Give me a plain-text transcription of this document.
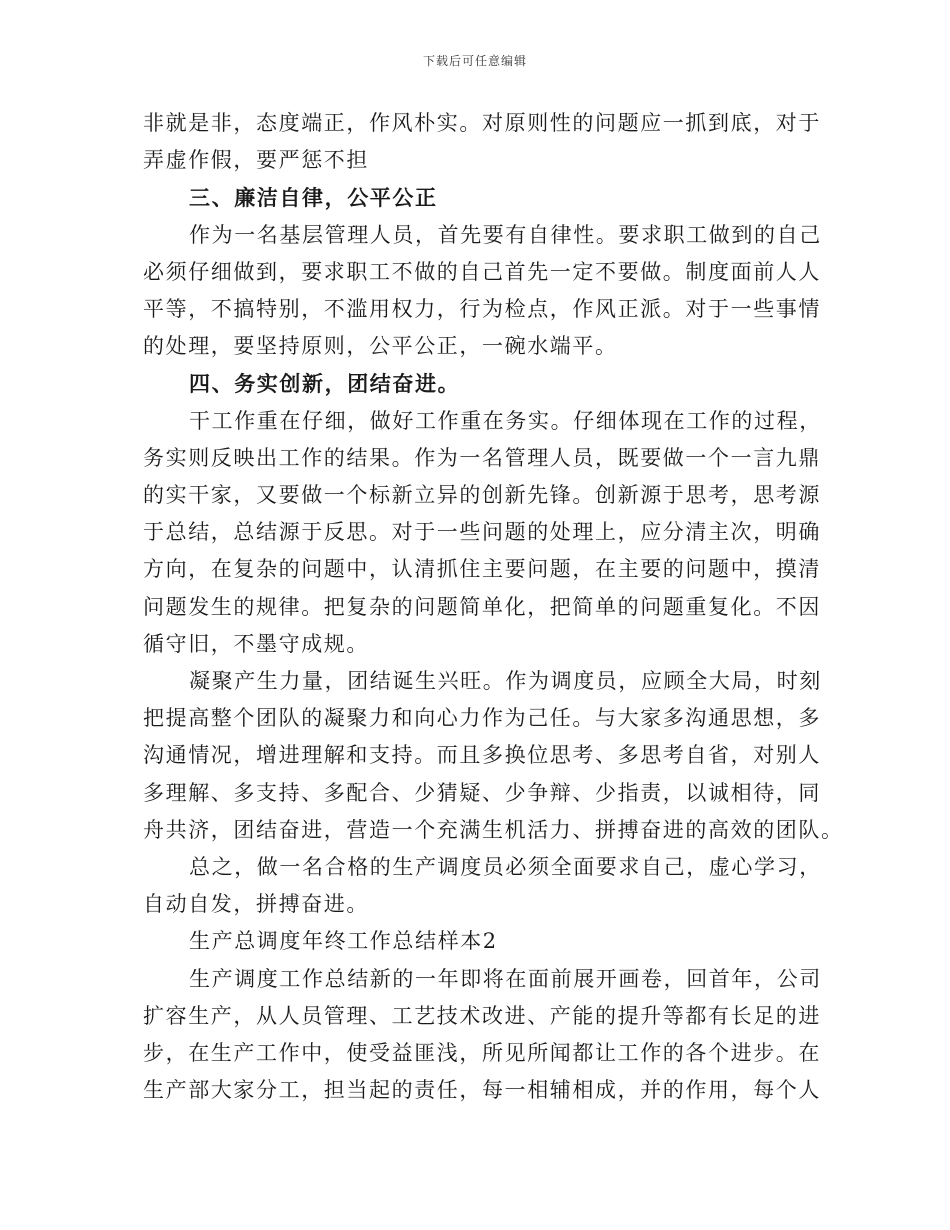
下载后可任意编辑
非就是非，态度端正，作风朴实。对原则性的问题应一抓到底，对于
弄虚作假，要严惩不担
三、廉洁自律，公平公正
作为一名基层管理人员，首先要有自律性。要求职工做到的自己
必须仔细做到，要求职工不做的自己首先一定不要做。制度面前人人
平等，不搞特别，不滥用权力，行为检点，作风正派。对于一些事情
的处理，要坚持原则，公平公正，一碗水端平。
四、务实创新，团结奋进。
干工作重在仔细，做好工作重在务实。仔细体现在工作的过程，
务实则反映出工作的结果。作为一名管理人员，既要做一个一言九鼎
的实干家，又要做一个标新立异的创新先锋。创新源于思考，思考源
于总结，总结源于反思。对于一些问题的处理上，应分清主次，明确
方向，在复杂的问题中，认清抓住主要问题，在主要的问题中，摸清
问题发生的规律。把复杂的问题简单化，把简单的问题重复化。不因
循守旧，不墨守成规。
凝聚产生力量，团结诞生兴旺。作为调度员，应顾全大局，时刻
把提高整个团队的凝聚力和向心力作为己任。与大家多沟通思想，多
沟通情况，增进理解和支持。而且多换位思考、多思考自省，对别人
多理解、多支持、多配合、少猜疑、少争辩、少指责，以诚相待，同
舟共济，团结奋进，营造一个充满生机活力、拼搏奋进的高效的团队。
总之，做一名合格的生产调度员必须全面要求自己，虚心学习，
自动自发，拼搏奋进。
生产总调度年终工作总结样本2
生产调度工作总结新的一年即将在面前展开画卷，回首年，公司
扩容生产，从人员管理、工艺技术改进、产能的提升等都有长足的进
步，在生产工作中，使受益匪浅，所见所闻都让工作的各个进步。在
生产部大家分工，担当起的责任，每一相辅相成，并的作用，每个人
